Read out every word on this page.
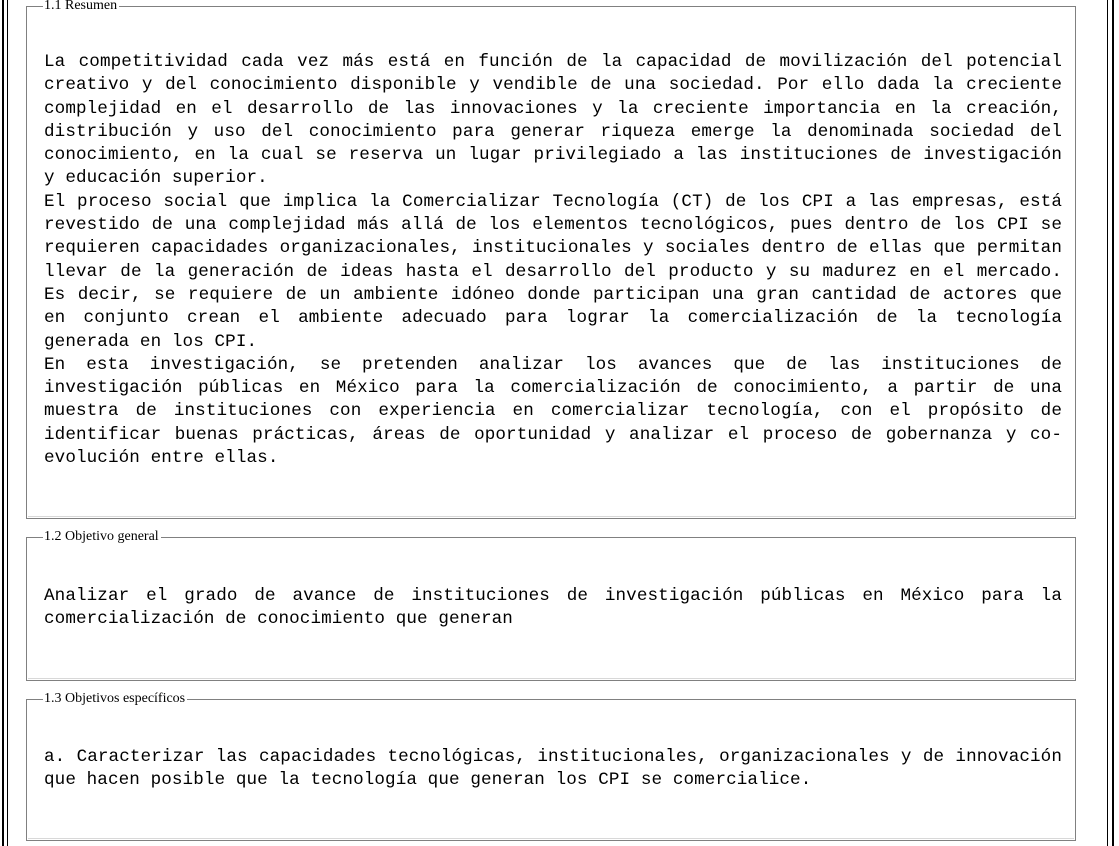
1.1 Resumen

La competitividad cada vez más está en función de la capacidad de movilización del potencial creativo y del conocimiento disponible y vendible de una sociedad. Por ello dada la creciente complejidad en el desarrollo de las innovaciones y la creciente importancia en la creación, distribución y uso del conocimiento para generar riqueza emerge la denominada sociedad del conocimiento, en la cual se reserva un lugar privilegiado a las instituciones de investigación y educación superior.

El proceso social que implica la Comercializar Tecnología (CT) de los CPI a las empresas, está revestido de una complejidad más allá de los elementos tecnológicos, pues dentro de los CPI se requieren capacidades organizacionales, institucionales y sociales dentro de ellas que permitan llevar de la generación de ideas hasta el desarrollo del producto y su madurez en el mercado. Es decir, se requiere de un ambiente idóneo donde participan una gran cantidad de actores que en conjunto crean el ambiente adecuado para lograr la comercialización de la tecnología generada en los CPI.

En esta investigación, se pretenden analizar los avances que de las instituciones de investigación públicas en México para la comercialización de conocimiento, a partir de una muestra de instituciones con experiencia en comercializar tecnología, con el propósito de identificar buenas prácticas, áreas de oportunidad y analizar el proceso de gobernanza y co-evolución entre ellas.

1.2 Objetivo general

Analizar el grado de avance de instituciones de investigación públicas en México para la comercialización de conocimiento que generan

1.3 Objetivos específicos

a. Caracterizar las capacidades tecnológicas, institucionales, organizacionales y de innovación que hacen posible que la tecnología que generan los CPI se comercialice.
